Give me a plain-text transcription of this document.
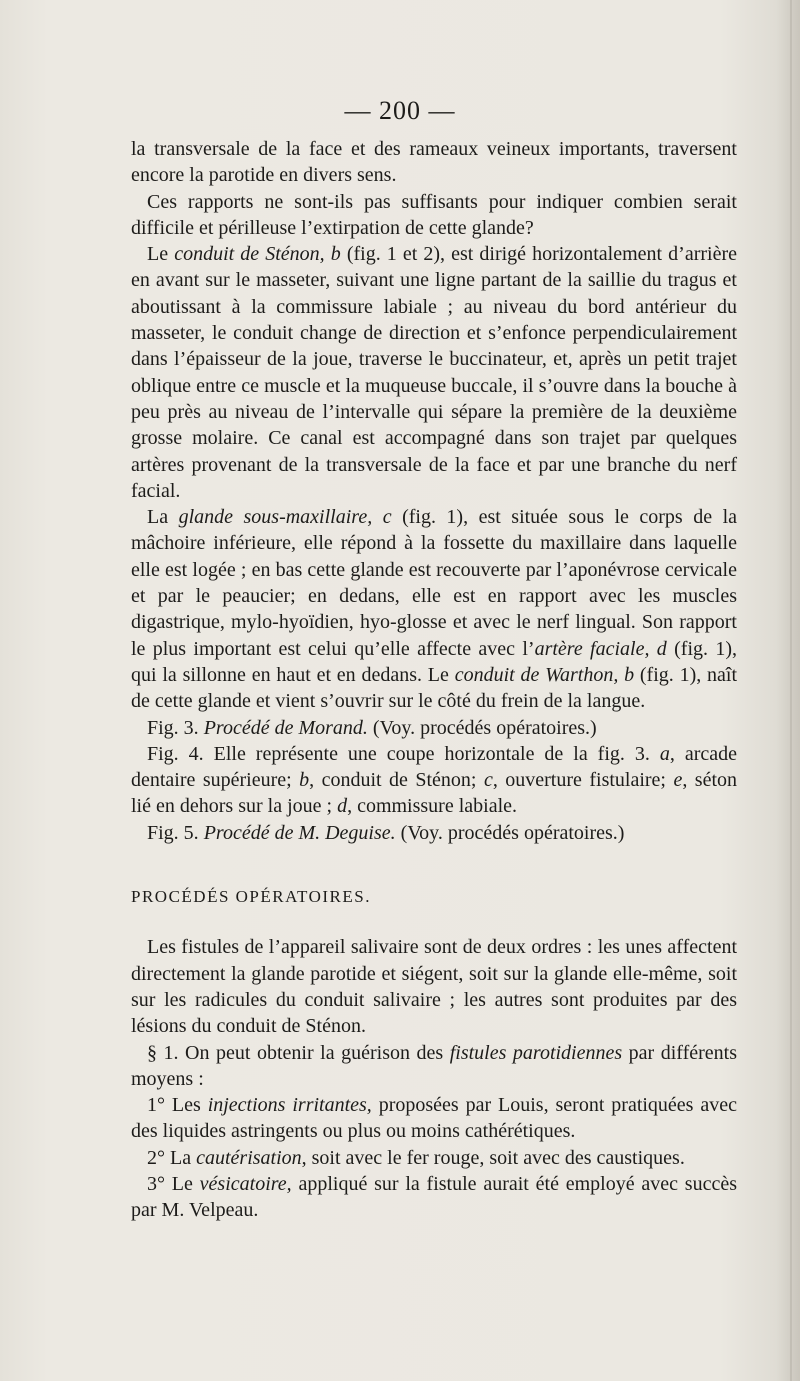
— 200 —

la transversale de la face et des rameaux veineux importants, traversent encore la parotide en divers sens.

Ces rapports ne sont-ils pas suffisants pour indiquer combien serait difficile et périlleuse l’extirpation de cette glande?

Le conduit de Sténon, b (fig. 1 et 2), est dirigé horizontalement d’arrière en avant sur le masseter, suivant une ligne partant de la saillie du tragus et aboutissant à la commissure labiale ; au niveau du bord antérieur du masseter, le conduit change de direction et s’enfonce perpendiculairement dans l’épaisseur de la joue, traverse le buccinateur, et, après un petit trajet oblique entre ce muscle et la muqueuse buccale, il s’ouvre dans la bouche à peu près au niveau de l’intervalle qui sépare la première de la deuxième grosse molaire. Ce canal est accompagné dans son trajet par quelques artères provenant de la transversale de la face et par une branche du nerf facial.

La glande sous-maxillaire, c (fig. 1), est située sous le corps de la mâchoire inférieure, elle répond à la fossette du maxillaire dans laquelle elle est logée ; en bas cette glande est recouverte par l’aponévrose cervicale et par le peaucier; en dedans, elle est en rapport avec les muscles digastrique, mylo-hyoïdien, hyo-glosse et avec le nerf lingual. Son rapport le plus important est celui qu’elle affecte avec l’artère faciale, d (fig. 1), qui la sillonne en haut et en dedans. Le conduit de Warthon, b (fig. 1), naît de cette glande et vient s’ouvrir sur le côté du frein de la langue.

Fig. 3. Procédé de Morand. (Voy. procédés opératoires.)

Fig. 4. Elle représente une coupe horizontale de la fig. 3. a, arcade dentaire supérieure; b, conduit de Sténon; c, ouverture fistulaire; e, séton lié en dehors sur la joue ; d, commissure labiale.

Fig. 5. Procédé de M. Deguise. (Voy. procédés opératoires.)

PROCÉDÉS OPÉRATOIRES.

Les fistules de l’appareil salivaire sont de deux ordres : les unes affectent directement la glande parotide et siégent, soit sur la glande elle-même, soit sur les radicules du conduit salivaire ; les autres sont produites par des lésions du conduit de Sténon.

§ 1. On peut obtenir la guérison des fistules parotidiennes par différents moyens :

1° Les injections irritantes, proposées par Louis, seront pratiquées avec des liquides astringents ou plus ou moins cathérétiques.

2° La cautérisation, soit avec le fer rouge, soit avec des caustiques.

3° Le vésicatoire, appliqué sur la fistule aurait été employé avec succès par M. Velpeau.
